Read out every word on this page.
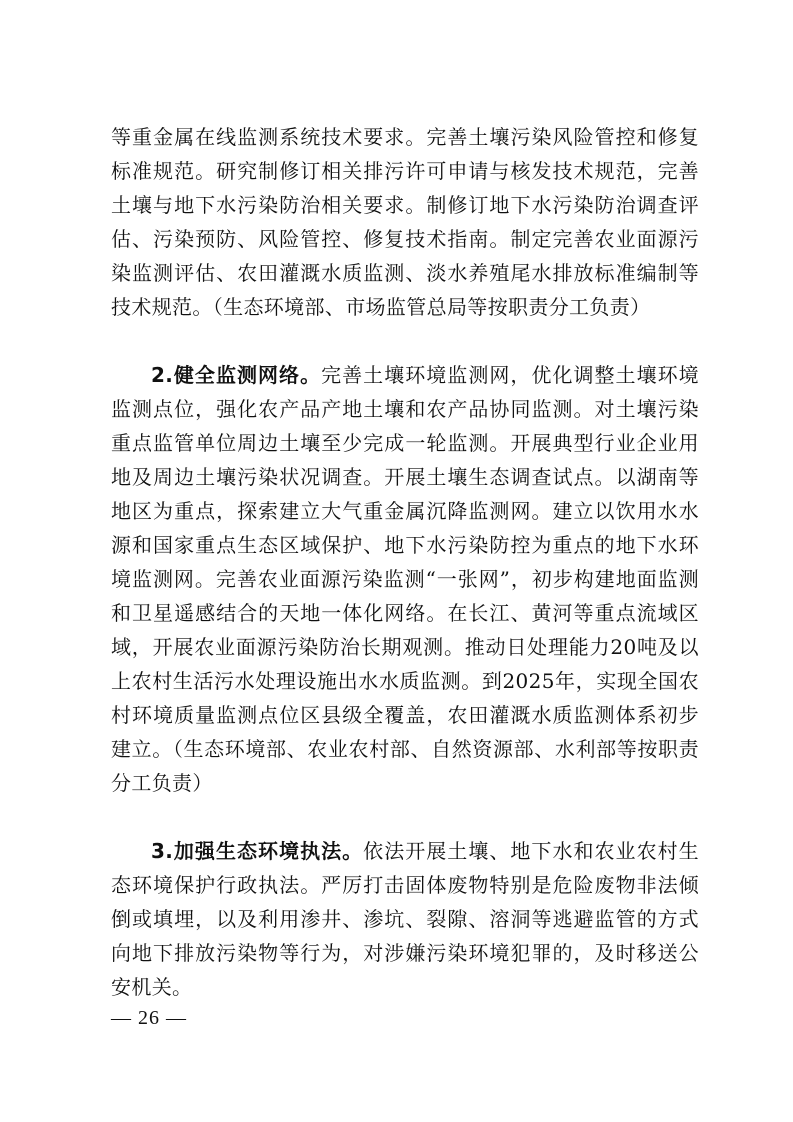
等重金属在线监测系统技术要求。完善土壤污染风险管控和修复标准规范。研究制修订相关排污许可申请与核发技术规范，完善土壤与地下水污染防治相关要求。制修订地下水污染防治调查评估、污染预防、风险管控、修复技术指南。制定完善农业面源污染监测评估、农田灌溉水质监测、淡水养殖尾水排放标准编制等技术规范。（生态环境部、市场监管总局等按职责分工负责）

2.健全监测网络。完善土壤环境监测网，优化调整土壤环境监测点位，强化农产品产地土壤和农产品协同监测。对土壤污染重点监管单位周边土壤至少完成一轮监测。开展典型行业企业用地及周边土壤污染状况调查。开展土壤生态调查试点。以湖南等地区为重点，探索建立大气重金属沉降监测网。建立以饮用水水源和国家重点生态区域保护、地下水污染防控为重点的地下水环境监测网。完善农业面源污染监测“一张网”，初步构建地面监测和卫星遥感结合的天地一体化网络。在长江、黄河等重点流域区域，开展农业面源污染防治长期观测。推动日处理能力20吨及以上农村生活污水处理设施出水水质监测。到2025年，实现全国农村环境质量监测点位区县级全覆盖，农田灌溉水质监测体系初步建立。（生态环境部、农业农村部、自然资源部、水利部等按职责分工负责）

3.加强生态环境执法。依法开展土壤、地下水和农业农村生态环境保护行政执法。严厉打击固体废物特别是危险废物非法倾倒或填埋，以及利用渗井、渗坑、裂隙、溶洞等逃避监管的方式向地下排放污染物等行为，对涉嫌污染环境犯罪的，及时移送公安机关。

— 26 —
